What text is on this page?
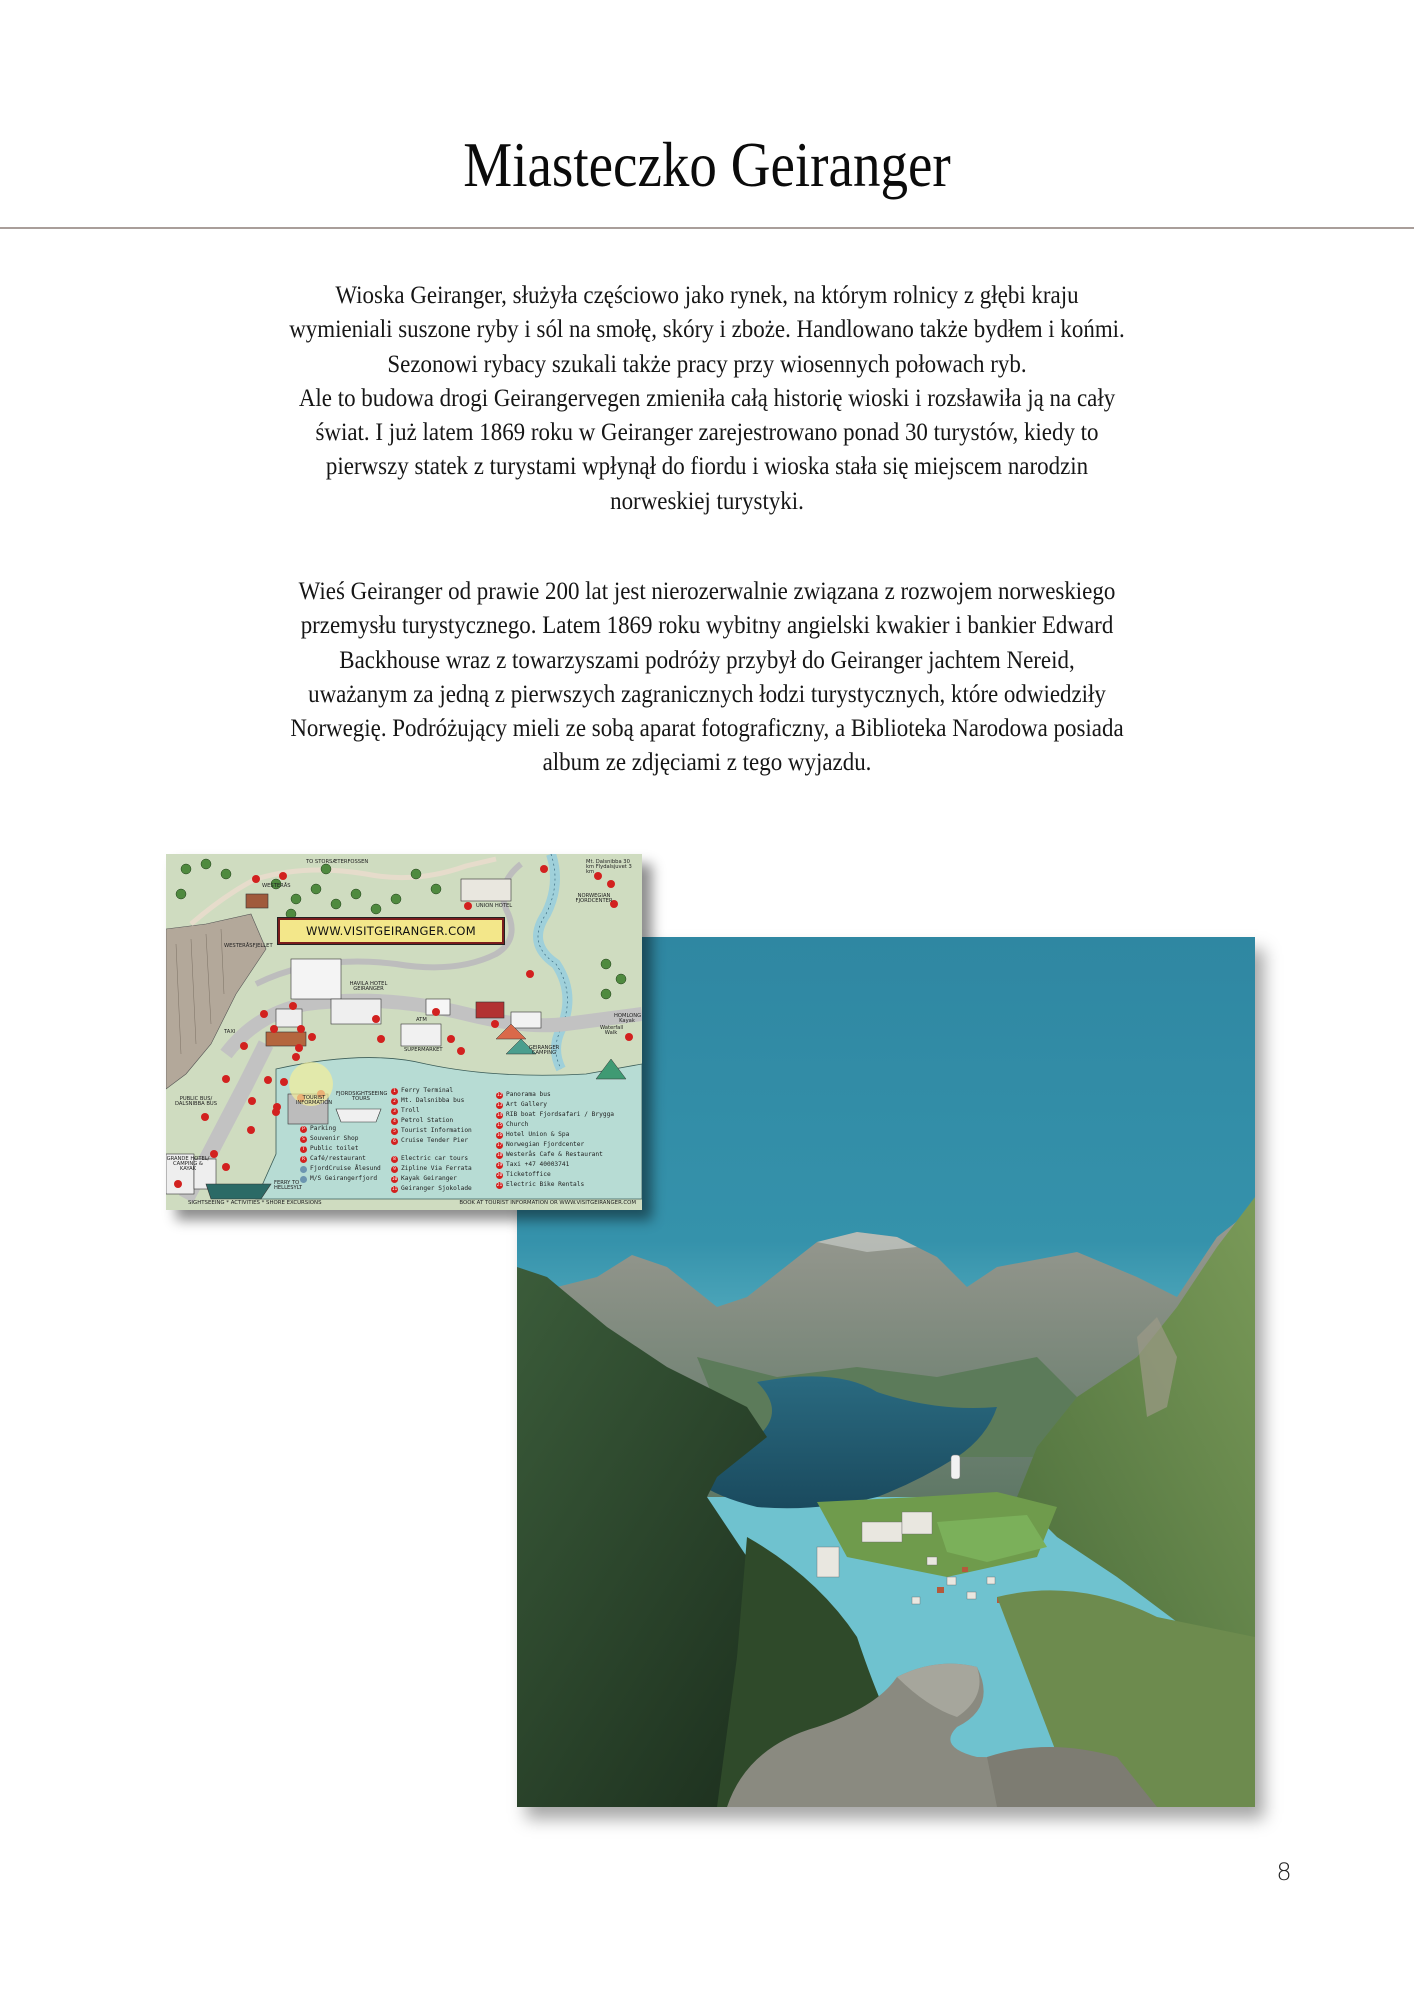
Miasteczko Geiranger
Wioska Geiranger, służyła częściowo jako rynek, na którym rolnicy z głębi kraju
wymieniali suszone ryby i sól na smołę, skóry i zboże. Handlowano także bydłem i końmi.
Sezonowi rybacy szukali także pracy przy wiosennych połowach ryb.
Ale to budowa drogi Geirangervegen zmieniła całą historię wioski i rozsławiła ją na cały
świat. I już latem 1869 roku w Geiranger zarejestrowano ponad 30 turystów, kiedy to
pierwszy statek z turystami wpłynął do fiordu i wioska stała się miejscem narodzin
norweskiej turystyki.
Wieś Geiranger od prawie 200 lat jest nierozerwalnie związana z rozwojem norweskiego
przemysłu turystycznego. Latem 1869 roku wybitny angielski kwakier i bankier Edward
Backhouse wraz z towarzyszami podróży przybył do Geiranger jachtem Nereid,
uważanym za jedną z pierwszych zagranicznych łodzi turystycznych, które odwiedziły
Norwegię. Podróżujący mieli ze sobą aparat fotograficzny, a Biblioteka Narodowa posiada
album ze zdjęciami z tego wyjazdu.
WWW.VISITGEIRANGER.COM
WESTERÅS
TO STORSÆTERFOSSEN
WESTERÅSFJELLET
UNION HOTEL
HAVILA HOTEL GEIRANGER
NORWEGIAN FJORDCENTER
Mt. Dalsnibba 30 km Flydalsjuvet 3 km
TAXI
SUPERMARKET
ATM
GEIRANGER CAMPING
HOMLONG Kayak
Waterfall Walk
PUBLIC BUS/ DALSNIBBA BUS
TOURIST INFORMATION
FJORDSIGHTSEEING TOURS
GRANDE HOTEL/ CAMPING & KAYAK
FERRY TO HELLESYLT
P Parking
S Souvenir Shop
T Public toilet
R Café/restaurant
FjordCruise Ålesund
M/S Geirangerfjord
1 Ferry Terminal
2 Mt. Dalsnibba bus
3 Troll
4 Petrol Station
5 Tourist Information
6 Cruise Tender Pier
8 Electric car tours
9 Zipline Via Ferrata
10 Kayak Geiranger
11 Geiranger Sjokolade
12 Panorama bus
13 Art Gallery
14 RIB boat Fjordsafari / Brygga
15 Church
16 Hotel Union & Spa
17 Norwegian Fjordcenter
18 Westerås Cafe & Restaurant
19 Taxi +47 40003741
20 Ticketoffice
21 Electric Bike Rentals
SIGHTSEEING * ACTIVITIES * SHORE EXCURSIONS	BOOK AT TOURIST INFORMATION OR WWW.VISITGEIRANGER.COM
8
